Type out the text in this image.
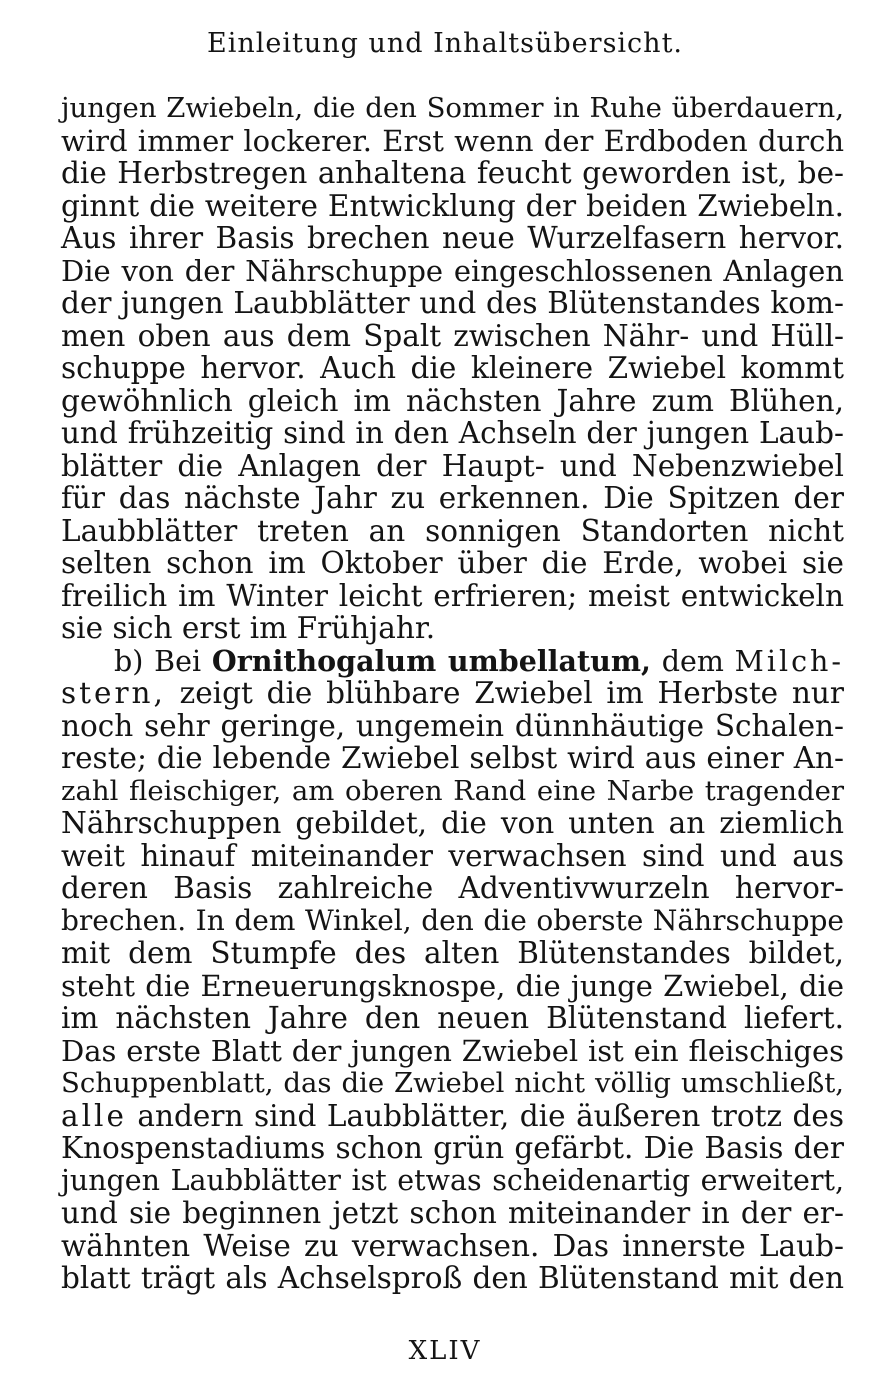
Einleitung und Inhaltsübersicht.
jungen Zwiebeln, die den Sommer in Ruhe überdauern,
wird immer lockerer. Erst wenn der Erdboden durch
die Herbstregen anhaltena feucht geworden ist, be-
ginnt die weitere Entwicklung der beiden Zwiebeln.
Aus ihrer Basis brechen neue Wurzelfasern hervor.
Die von der Nährschuppe eingeschlossenen Anlagen
der jungen Laubblätter und des Blütenstandes kom-
men oben aus dem Spalt zwischen Nähr- und Hüll-
schuppe hervor. Auch die kleinere Zwiebel kommt
gewöhnlich gleich im nächsten Jahre zum Blühen,
und frühzeitig sind in den Achseln der jungen Laub-
blätter die Anlagen der Haupt- und Nebenzwiebel
für das nächste Jahr zu erkennen. Die Spitzen der
Laubblätter treten an sonnigen Standorten nicht
selten schon im Oktober über die Erde, wobei sie
freilich im Winter leicht erfrieren; meist entwickeln
sie sich erst im Frühjahr.
b) Bei Ornithogalum umbellatum, dem Milch-
stern, zeigt die blühbare Zwiebel im Herbste nur
noch sehr geringe, ungemein dünnhäutige Schalen-
reste; die lebende Zwiebel selbst wird aus einer An-
zahl fleischiger, am oberen Rand eine Narbe tragender
Nährschuppen gebildet, die von unten an ziemlich
weit hinauf miteinander verwachsen sind und aus
deren Basis zahlreiche Adventivwurzeln hervor-
brechen. In dem Winkel, den die oberste Nährschuppe
mit dem Stumpfe des alten Blütenstandes bildet,
steht die Erneuerungsknospe, die junge Zwiebel, die
im nächsten Jahre den neuen Blütenstand liefert.
Das erste Blatt der jungen Zwiebel ist ein fleischiges
Schuppenblatt, das die Zwiebel nicht völlig umschließt,
alle andern sind Laubblätter, die äußeren trotz des
Knospenstadiums schon grün gefärbt. Die Basis der
jungen Laubblätter ist etwas scheidenartig erweitert,
und sie beginnen jetzt schon miteinander in der er-
wähnten Weise zu verwachsen. Das innerste Laub-
blatt trägt als Achselsproß den Blütenstand mit den
XLIV
